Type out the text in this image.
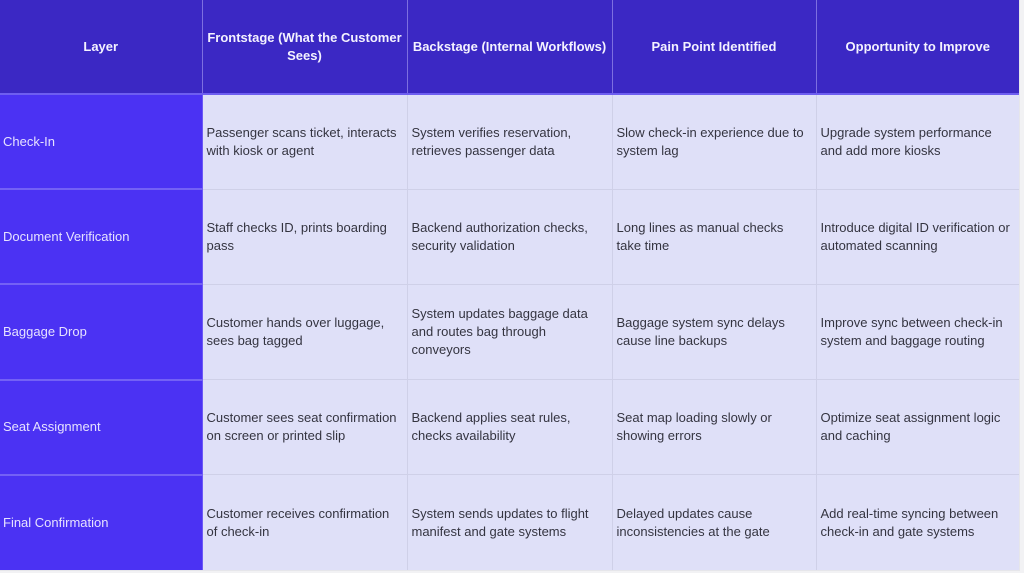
Layer	Frontstage (What the Customer Sees)	Backstage (Internal Workflows)	Pain Point Identified	Opportunity to Improve
Check-In	Passenger scans ticket, interacts with kiosk or agent	System verifies reservation, retrieves passenger data	Slow check-in experience due to system lag	Upgrade system performance and add more kiosks
Document Verification	Staff checks ID, prints boarding pass	Backend authorization checks, security validation	Long lines as manual checks take time	Introduce digital ID verification or automated scanning
Baggage Drop	Customer hands over luggage, sees bag tagged	System updates baggage data and routes bag through conveyors	Baggage system sync delays cause line backups	Improve sync between check-in system and baggage routing
Seat Assignment	Customer sees seat confirmation on screen or printed slip	Backend applies seat rules, checks availability	Seat map loading slowly or showing errors	Optimize seat assignment logic and caching
Final Confirmation	Customer receives confirmation of check-in	System sends updates to flight manifest and gate systems	Delayed updates cause inconsistencies at the gate	Add real-time syncing between check-in and gate systems
